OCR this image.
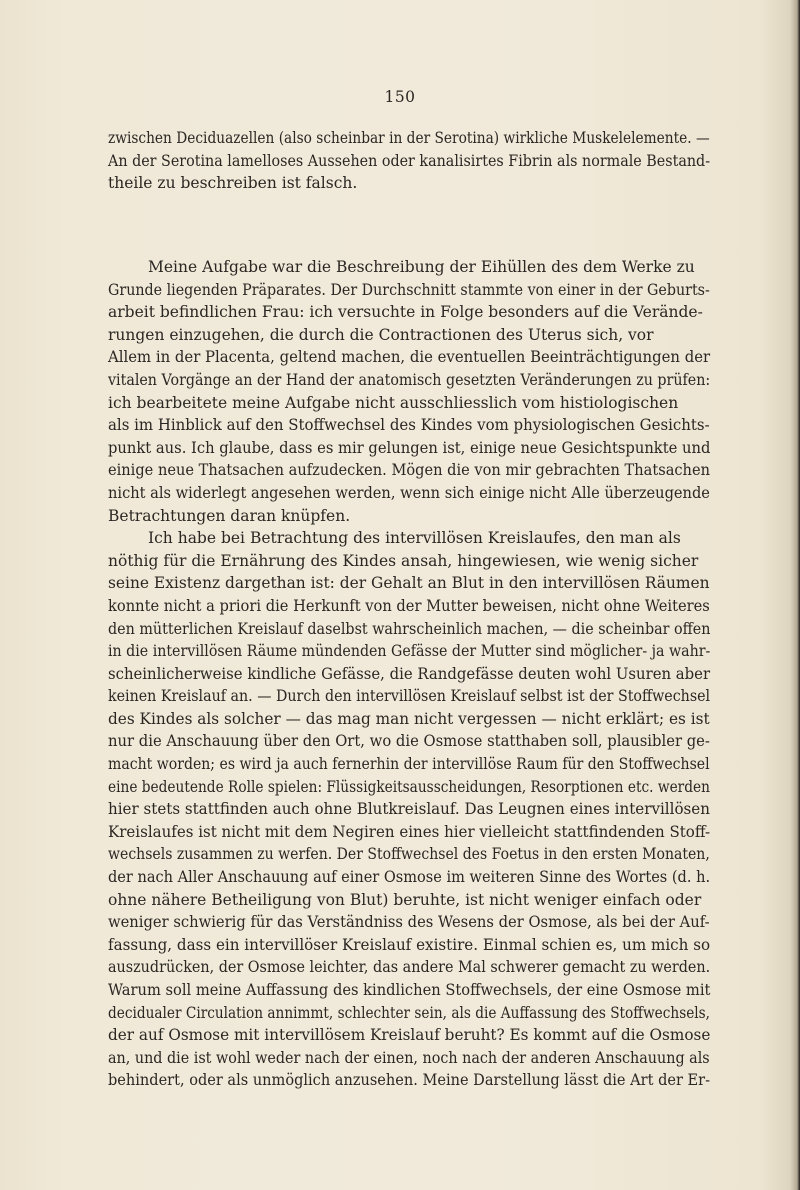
150
zwischen Deciduazellen (also scheinbar in der Serotina) wirkliche Muskelelemente. —
An der Serotina lamelloses Aussehen oder kanalisirtes Fibrin als normale Bestand-
theile zu beschreiben ist falsch.
Meine Aufgabe war die Beschreibung der Eihüllen des dem Werke zu
Grunde liegenden Präparates. Der Durchschnitt stammte von einer in der Geburts-
arbeit befindlichen Frau: ich versuchte in Folge besonders auf die Verände-
rungen einzugehen, die durch die Contractionen des Uterus sich, vor
Allem in der Placenta, geltend machen, die eventuellen Beeinträchtigungen der
vitalen Vorgänge an der Hand der anatomisch gesetzten Veränderungen zu prüfen:
ich bearbeitete meine Aufgabe nicht ausschliesslich vom histiologischen
als im Hinblick auf den Stoffwechsel des Kindes vom physiologischen Gesichts-
punkt aus. Ich glaube, dass es mir gelungen ist, einige neue Gesichtspunkte und
einige neue Thatsachen aufzudecken. Mögen die von mir gebrachten Thatsachen
nicht als widerlegt angesehen werden, wenn sich einige nicht Alle überzeugende
Betrachtungen daran knüpfen.
Ich habe bei Betrachtung des intervillösen Kreislaufes, den man als
nöthig für die Ernährung des Kindes ansah, hingewiesen, wie wenig sicher
seine Existenz dargethan ist: der Gehalt an Blut in den intervillösen Räumen
konnte nicht a priori die Herkunft von der Mutter beweisen, nicht ohne Weiteres
den mütterlichen Kreislauf daselbst wahrscheinlich machen, — die scheinbar offen
in die intervillösen Räume mündenden Gefässe der Mutter sind möglicher- ja wahr-
scheinlicherweise kindliche Gefässe, die Randgefässe deuten wohl Usuren aber
keinen Kreislauf an. — Durch den intervillösen Kreislauf selbst ist der Stoffwechsel
des Kindes als solcher — das mag man nicht vergessen — nicht erklärt; es ist
nur die Anschauung über den Ort, wo die Osmose statthaben soll, plausibler ge-
macht worden; es wird ja auch fernerhin der intervillöse Raum für den Stoffwechsel
eine bedeutende Rolle spielen: Flüssigkeitsausscheidungen, Resorptionen etc. werden
hier stets stattfinden auch ohne Blutkreislauf. Das Leugnen eines intervillösen
Kreislaufes ist nicht mit dem Negiren eines hier vielleicht stattfindenden Stoff-
wechsels zusammen zu werfen. Der Stoffwechsel des Foetus in den ersten Monaten,
der nach Aller Anschauung auf einer Osmose im weiteren Sinne des Wortes (d. h.
ohne nähere Betheiligung von Blut) beruhte, ist nicht weniger einfach oder
weniger schwierig für das Verständniss des Wesens der Osmose, als bei der Auf-
fassung, dass ein intervillöser Kreislauf existire. Einmal schien es, um mich so
auszudrücken, der Osmose leichter, das andere Mal schwerer gemacht zu werden.
Warum soll meine Auffassung des kindlichen Stoffwechsels, der eine Osmose mit
decidualer Circulation annimmt, schlechter sein, als die Auffassung des Stoffwechsels,
der auf Osmose mit intervillösem Kreislauf beruht? Es kommt auf die Osmose
an, und die ist wohl weder nach der einen, noch nach der anderen Anschauung als
behindert, oder als unmöglich anzusehen. Meine Darstellung lässt die Art der Er-
